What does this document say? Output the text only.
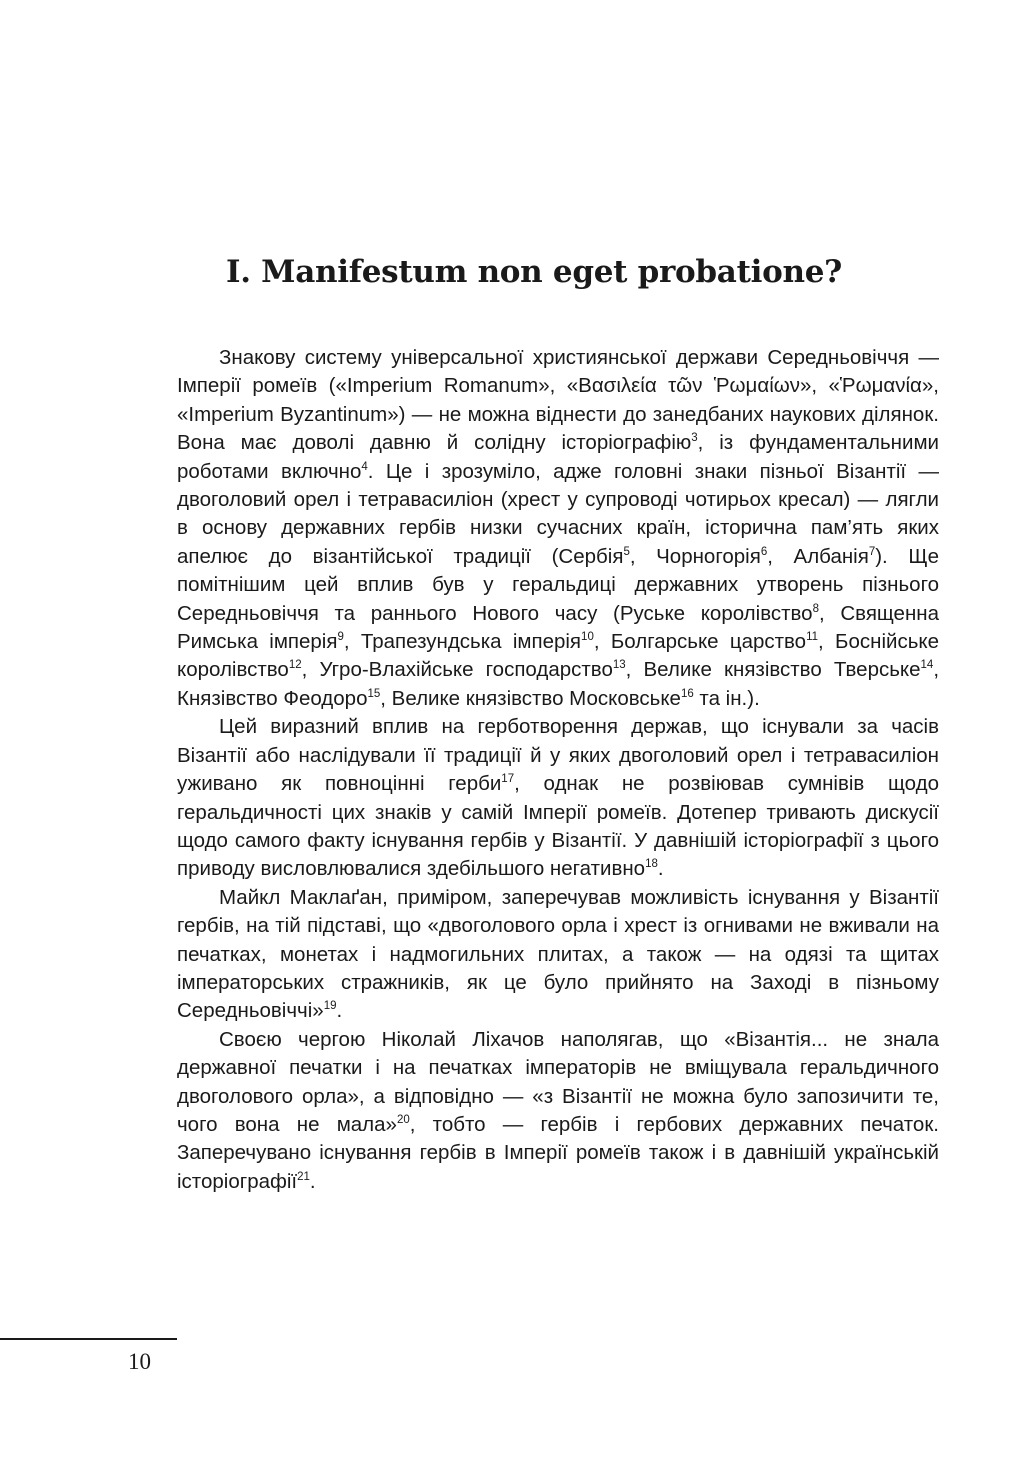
I. Manifestum non eget probatione?

Знакову систему універсальної християнської держави Середньовіччя — Імперії ромеїв («Imperium Romanum», «Βασιλεία τῶν Ῥωμαίων», «Ῥωμανία», «Imperium Byzantinum») — не можна віднести до занедбаних наукових ділянок. Вона має доволі давню й солідну історіографію$^3$, із фундаментальними роботами включно$^4$. Це і зрозуміло, адже головні знаки пізньої Візантії — двоголовий орел і тетравасиліон (хрест у супроводі чотирьох кресал) — лягли в основу державних гербів низки сучасних країн, історична пам’ять яких апелює до візантійської традиції (Сербія$^5$, Чорногорія$^6$, Албанія$^7$). Ще помітнішим цей вплив був у геральдиці державних утворень пізнього Середньовіччя та раннього Нового часу (Руське королівство$^8$, Священна Римська імперія$^9$, Трапезундська імперія$^{10}$, Болгарське царство$^{11}$, Боснійське королівство$^{12}$, Угро-Влахійське господарство$^{13}$, Велике князівство Тверське$^{14}$, Князівство Феодоро$^{15}$, Велике князівство Московське$^{16}$ та ін.).

Цей виразний вплив на герботворення держав, що існували за часів Візантії або наслідували її традиції й у яких двоголовий орел і тетравасиліон уживано як повноцінні герби$^{17}$, однак не розвіював сумнівів щодо геральдичності цих знаків у самій Імперії ромеїв. Дотепер тривають дискусії щодо самого факту існування гербів у Візантії. У давнішій історіографії з цього приводу висловлювалися здебільшого негативно$^{18}$.

Майкл Маклаґан, приміром, заперечував можливість існування у Візантії гербів, на тій підставі, що «двоголового орла і хрест із огнивами не вживали на печатках, монетах і надмогильних плитах, а також — на одязі та щитах імператорських стражників, як це було прийнято на Заході в пізньому Середньовіччі»$^{19}$.

Своєю чергою Ніколай Ліхачов наполягав, що «Візантія... не знала державної печатки і на печатках імператорів не вміщувала геральдичного двоголового орла», а відповідно — «з Візантії не можна було запозичити те, чого вона не мала»$^{20}$, тобто — гербів і гербових державних печаток. Заперечувано існування гербів в Імперії ромеїв також і в давнішій українській історіографії$^{21}$.

10
